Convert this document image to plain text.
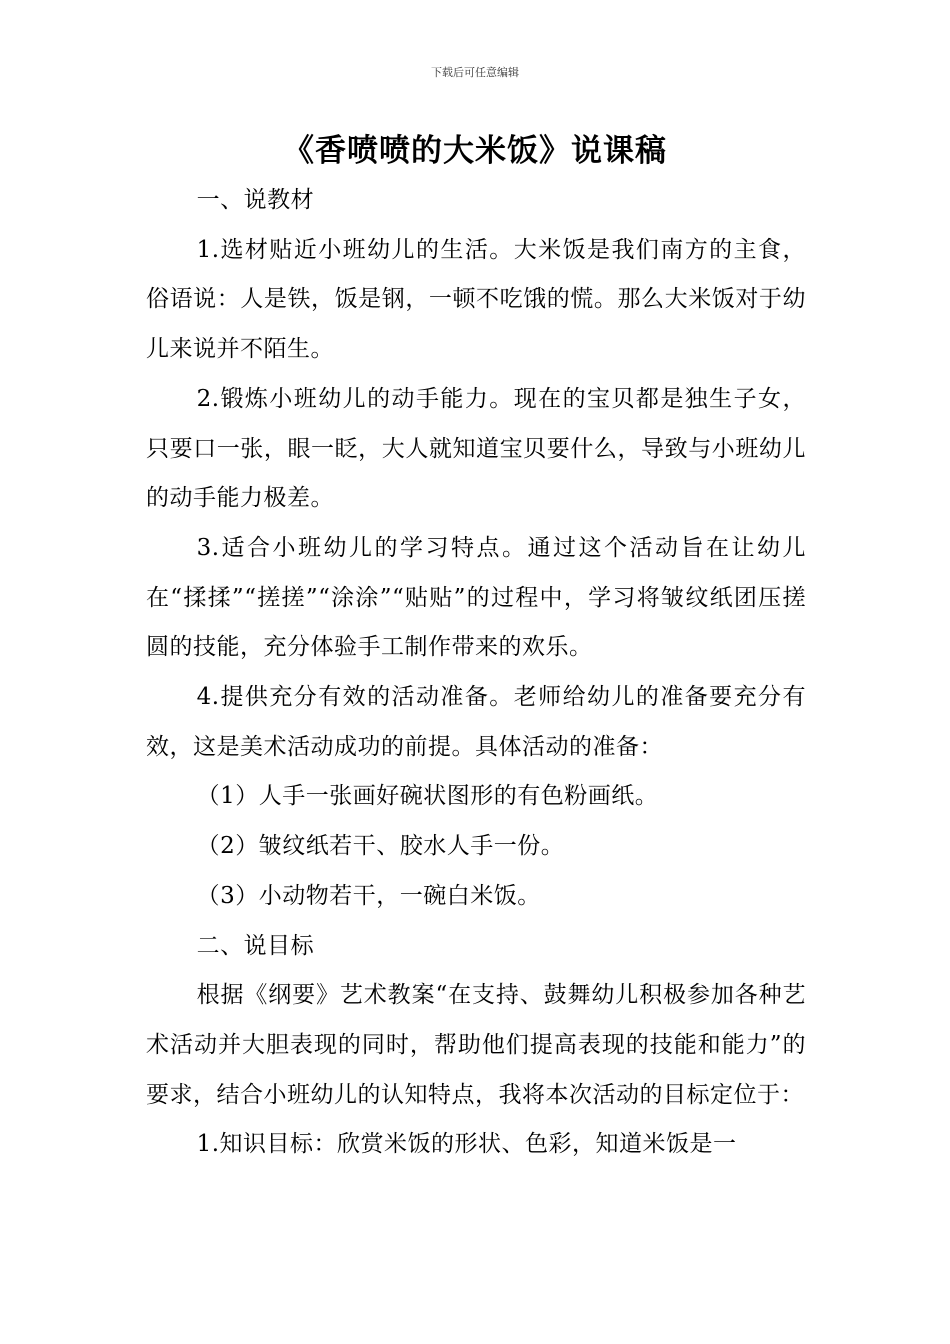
下载后可任意编辑
《香喷喷的大米饭》说课稿

一、说教材

1.选材贴近小班幼儿的生活。大米饭是我们南方的主食，俗语说：人是铁，饭是钢，一顿不吃饿的慌。那么大米饭对于幼儿来说并不陌生。

2.锻炼小班幼儿的动手能力。现在的宝贝都是独生子女，只要口一张，眼一眨，大人就知道宝贝要什么，导致与小班幼儿的动手能力极差。

3.适合小班幼儿的学习特点。通过这个活动旨在让幼儿在“揉揉”“搓搓”“涂涂”“贴贴”的过程中，学习将皱纹纸团压搓圆的技能，充分体验手工制作带来的欢乐。

4.提供充分有效的活动准备。老师给幼儿的准备要充分有效，这是美术活动成功的前提。具体活动的准备：

（1）人手一张画好碗状图形的有色粉画纸。

（2）皱纹纸若干、胶水人手一份。

（3）小动物若干，一碗白米饭。

二、说目标

根据《纲要》艺术教案“在支持、鼓舞幼儿积极参加各种艺术活动并大胆表现的同时，帮助他们提高表现的技能和能力”的要求，结合小班幼儿的认知特点，我将本次活动的目标定位于：

1.知识目标：欣赏米饭的形状、色彩，知道米饭是一
